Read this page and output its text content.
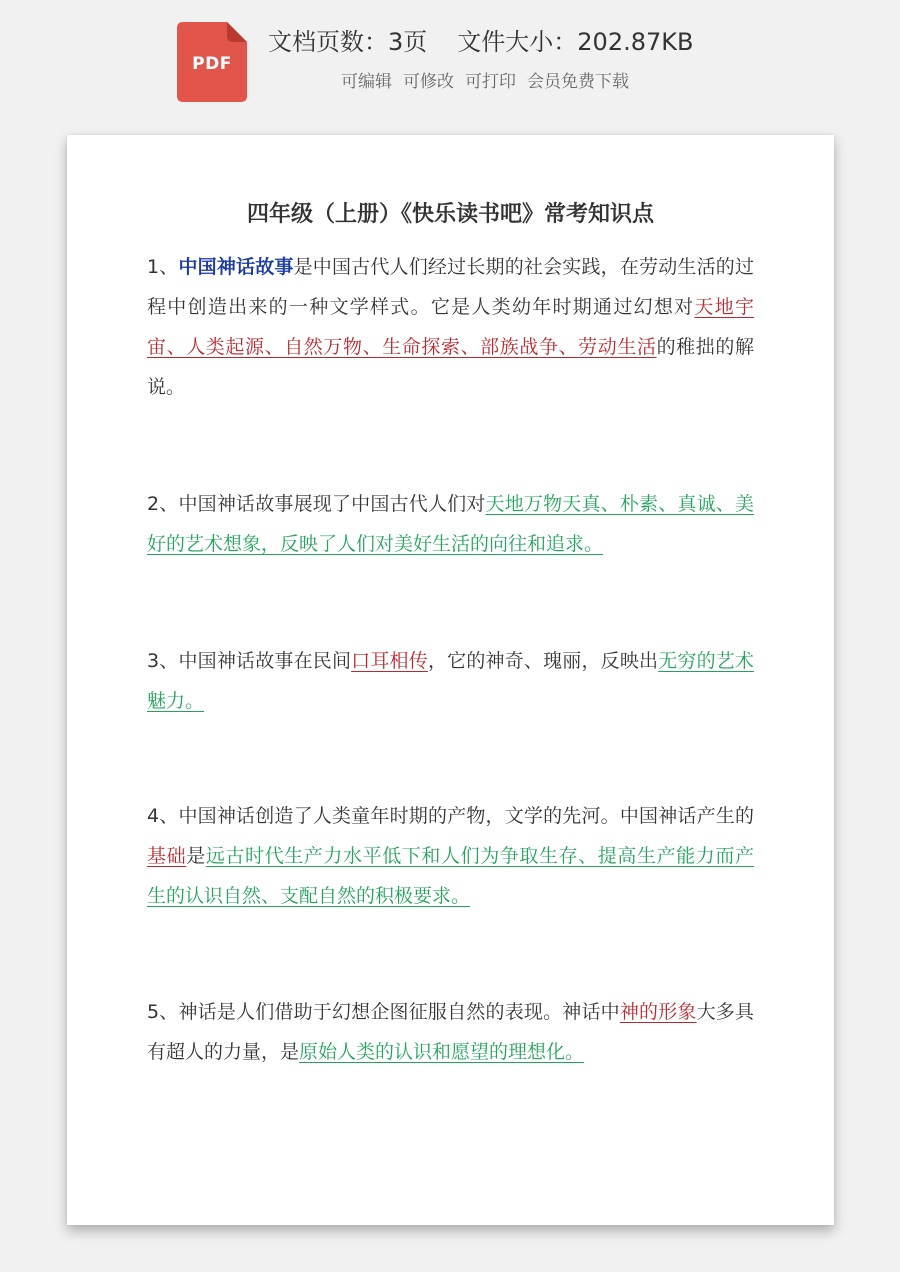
PDF
文档页数：3页 文件大小：202.87KB
可编辑 可修改 可打印 会员免费下载
四年级（上册）《快乐读书吧》常考知识点
1、中国神话故事是中国古代人们经过长期的社会实践，在劳动生活的过程中创造出来的一种文学样式。它是人类幼年时期通过幻想对天地宇宙、人类起源、自然万物、生命探索、部族战争、劳动生活的稚拙的解说。
2、中国神话故事展现了中国古代人们对天地万物天真、朴素、真诚、美好的艺术想象，反映了人们对美好生活的向往和追求。
3、中国神话故事在民间口耳相传，它的神奇、瑰丽，反映出无穷的艺术魅力。
4、中国神话创造了人类童年时期的产物，文学的先河。中国神话产生的基础是远古时代生产力水平低下和人们为争取生存、提高生产能力而产生的认识自然、支配自然的积极要求。
5、神话是人们借助于幻想企图征服自然的表现。神话中神的形象大多具有超人的力量，是原始人类的认识和愿望的理想化。
